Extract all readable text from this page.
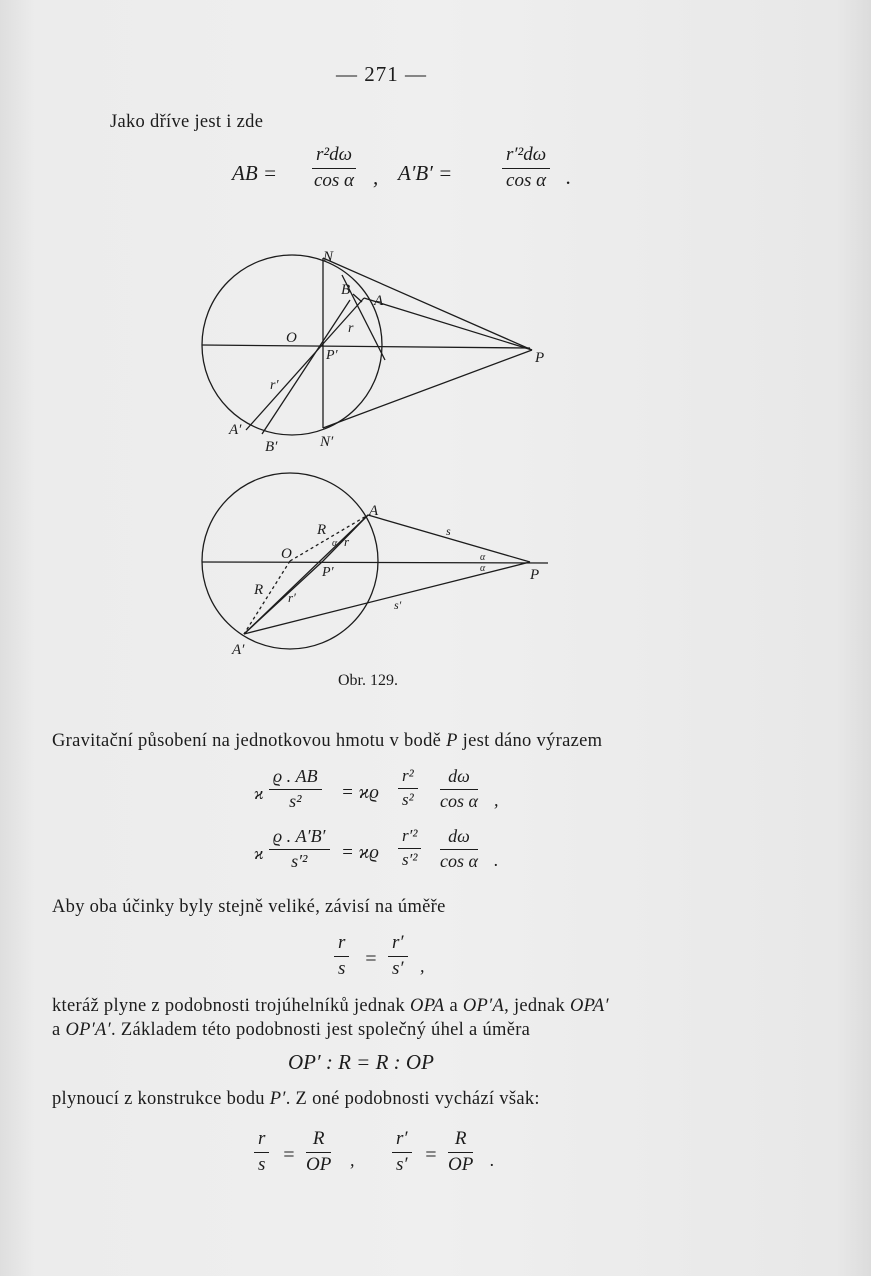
— 271 —
Jako dříve jest i zde
AB = $\frac{\text{r²dω}}{\text{cos α}}$ , A′B′ =	$\frac{\text{r′²dω}}{\text{cos α}}$ .
N
B
A
r
O
P′	P
r′
A′
B′	N′
A
R
α r
s
O
P′
α
α	P
R r′	s′
A′
Obr. 129.
Gravitační působení na jednotkovou hmotu v bodě P jest dáno výrazem
ϰ $\frac{ϱ . AB}{\text{s²}} = ϰϱ \frac{\text{r²}}{\text{s²}} \frac{d\omega}{\text{cos α}}$ ,
ϰ $\frac{ϱ . A'B'}{\text{s′²}} = ϰϱ \frac{\text{r′²}}{\text{s′²}} \frac{d\omega}{\text{cos α}}$ .
Aby oba účinky byly stejně veliké, závisí na úměře
$\frac{r}{s} = \frac{r'}{s'}$ ,
kteráž plyne z podobnosti trojúhelníků jednak OPA a OP′A, jednak OPA′
a OP′A′. Základem této podobnosti jest společný úhel a úměra
OP′ : R = R : OP
plynoucí z konstrukce bodu P′. Z oné podobnosti vychází však:
$\frac{r}{s} = \frac{R}{OP}$ , $\frac{r'}{s'} = \frac{R}{OP}$ .
